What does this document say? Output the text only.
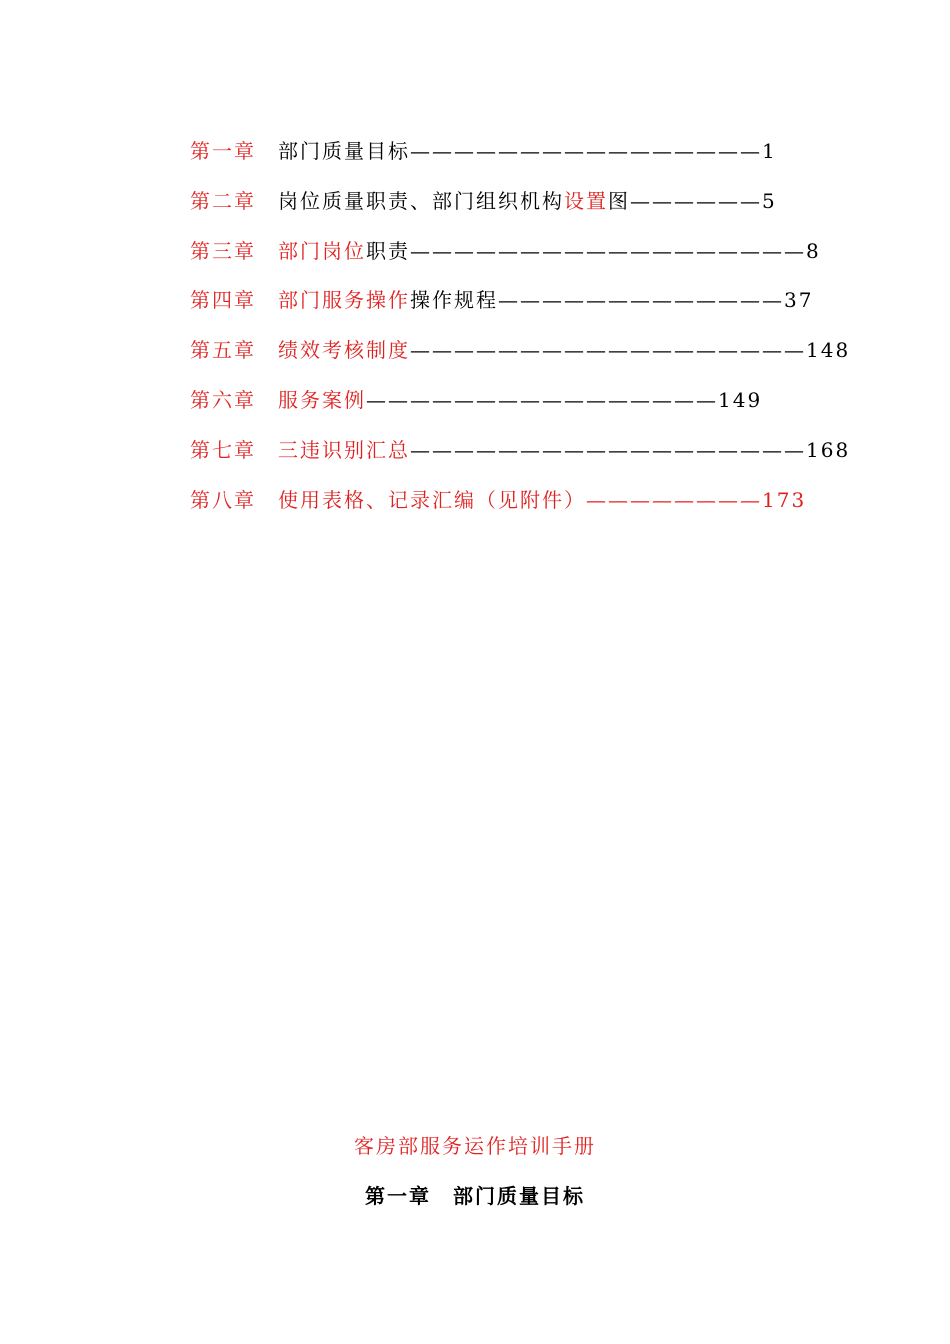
第一章 部门质量目标————————————————1
第二章 岗位质量职责、部门组织机构设置图——————5
第三章 部门岗位职责——————————————————8
第四章 部门服务操作操作规程—————————————37
第五章 绩效考核制度——————————————————148
第六章 服务案例————————————————149
第七章 三违识别汇总——————————————————168
第八章 使用表格、记录汇编（见附件）————————173
客房部服务运作培训手册
第一章　部门质量目标
